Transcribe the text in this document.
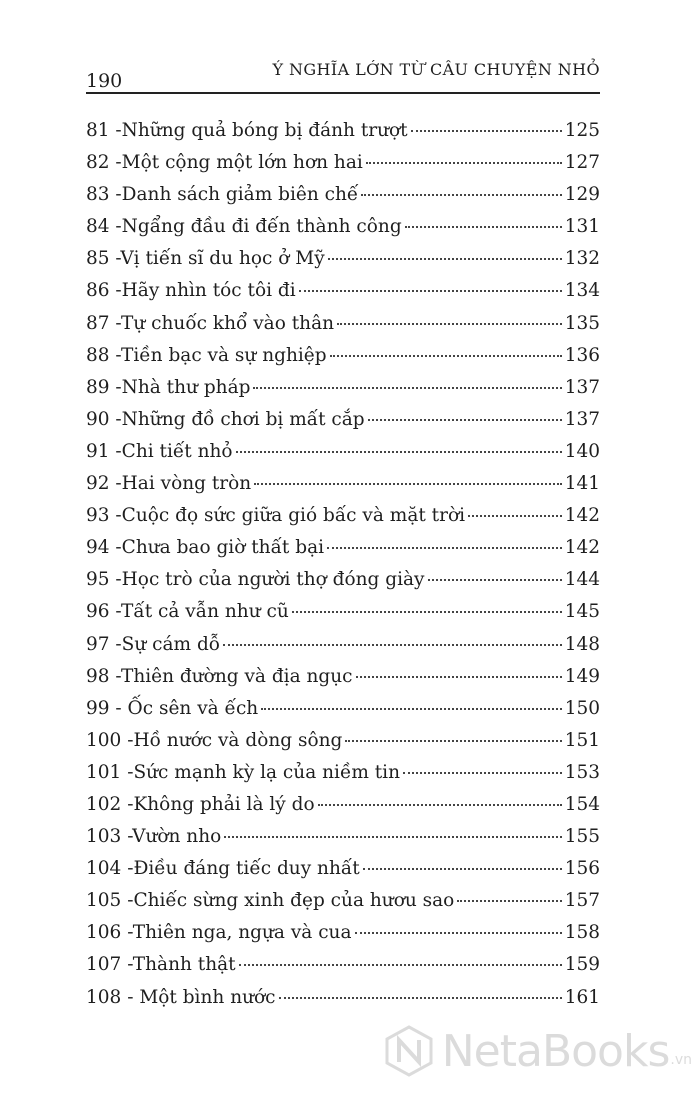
190
Ý NGHĨA LỚN TỪ CÂU CHUYỆN NHỎ
81 -Những quả bóng bị đánh trượt	125
82 -Một cộng một lớn hơn hai	127
83 -Danh sách giảm biên chế	129
84 -Ngẩng đầu đi đến thành công	131
85 -Vị tiến sĩ du học ở Mỹ	132
86 -Hãy nhìn tóc tôi đi	134
87 -Tự chuốc khổ vào thân	135
88 -Tiền bạc và sự nghiệp	136
89 -Nhà thư pháp	137
90 -Những đồ chơi bị mất cắp	137
91 -Chi tiết nhỏ	140
92 -Hai vòng tròn	141
93 -Cuộc đọ sức giữa gió bấc và mặt trời	142
94 -Chưa bao giờ thất bại	142
95 -Học trò của người thợ đóng giày	144
96 -Tất cả vẫn như cũ	145
97 -Sự cám dỗ	148
98 -Thiên đường và địa ngục	149
99 - Ốc sên và ếch	150
100 -Hồ nước và dòng sông	151
101 -Sức mạnh kỳ lạ của niềm tin	153
102 -Không phải là lý do	154
103 -Vườn nho	155
104 -Điều đáng tiếc duy nhất	156
105 -Chiếc sừng xinh đẹp của hươu sao	157
106 -Thiên nga, ngựa và cua	158
107 -Thành thật	159
108 - Một bình nước	161
NetaBooks .vn
